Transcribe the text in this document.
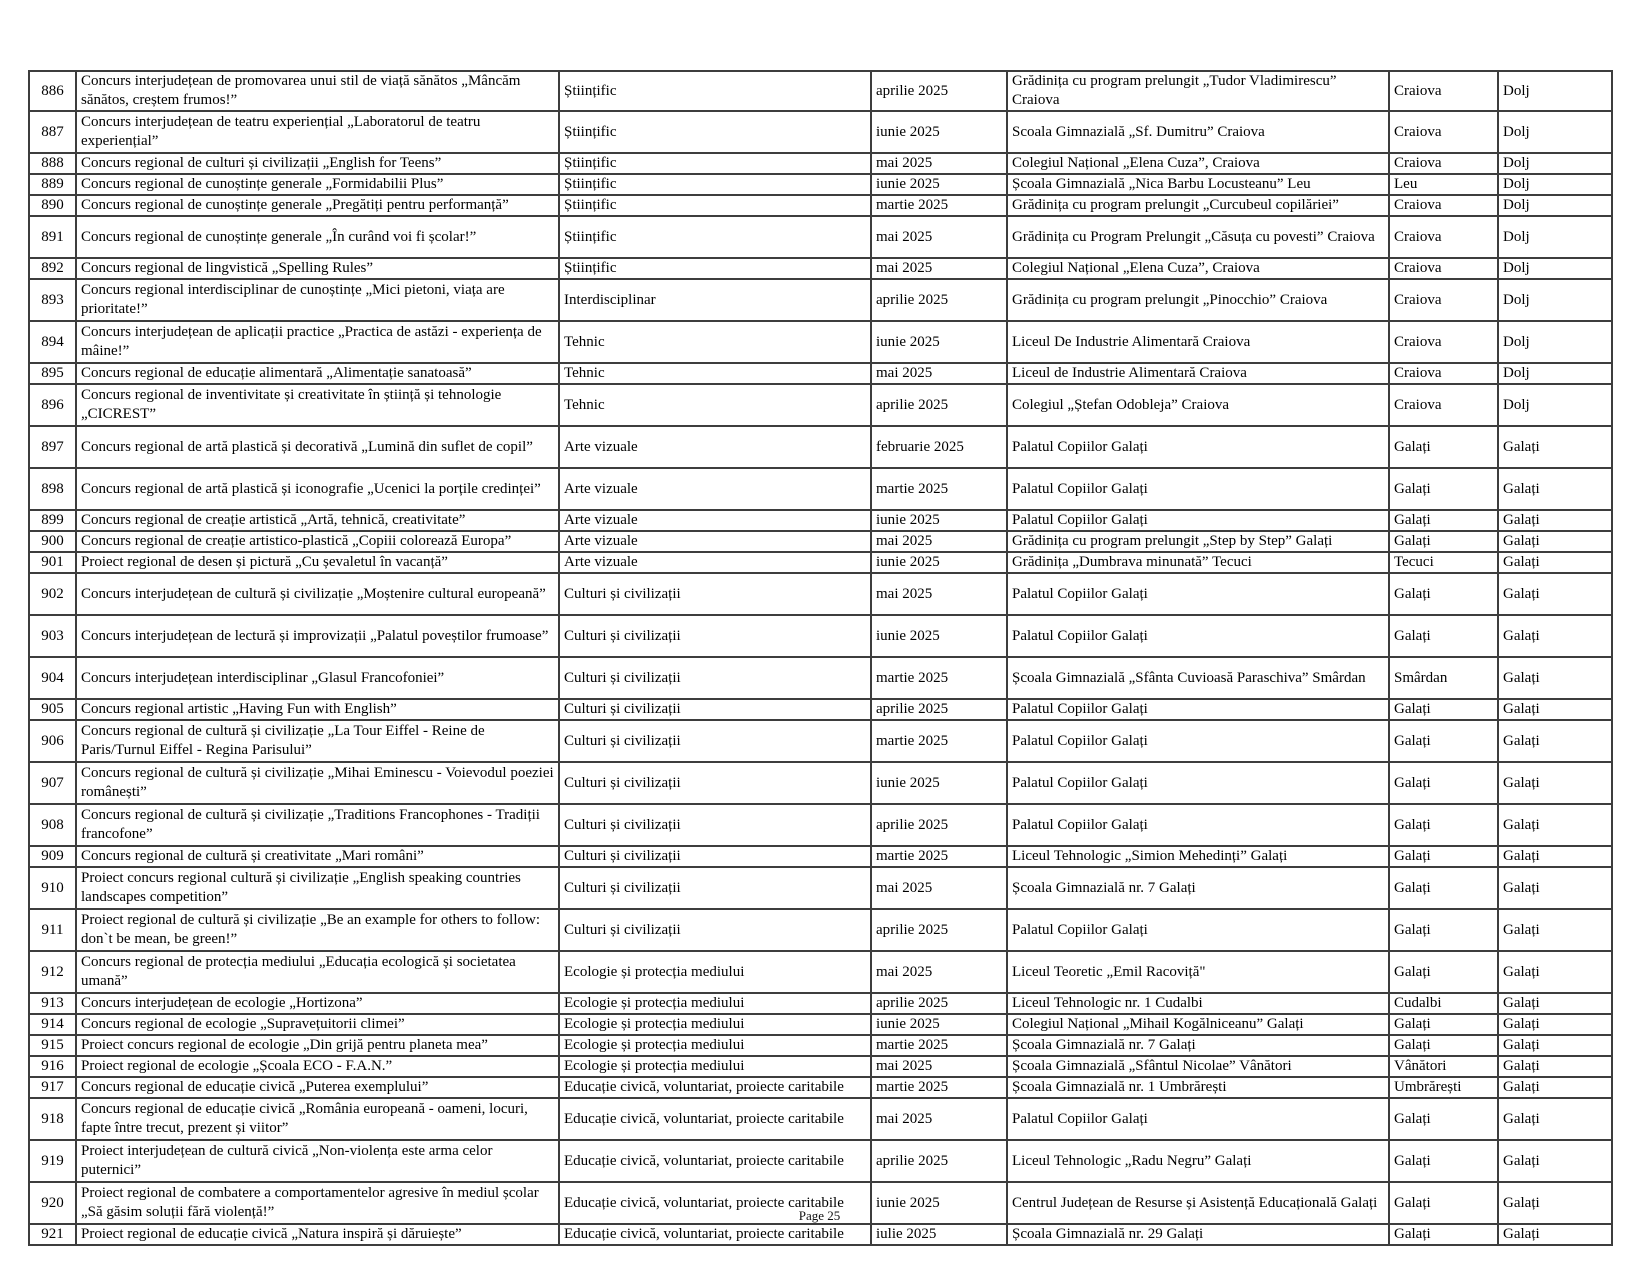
886	Concurs interjudețean de promovarea unui stil de viață sănătos „Mâncăm sănătos, creștem frumos!”	Științific	aprilie 2025	Grădinița cu program prelungit „Tudor Vladimirescu” Craiova	Craiova	Dolj
887	Concurs interjudețean de teatru experiențial „Laboratorul de teatru experiențial”	Științific	iunie 2025	Scoala Gimnazială „Sf. Dumitru” Craiova	Craiova	Dolj
888	Concurs regional de culturi și civilizații „English for Teens”	Științific	mai 2025	Colegiul Național „Elena Cuza”, Craiova	Craiova	Dolj
889	Concurs regional de cunoștințe generale „Formidabilii Plus”	Științific	iunie 2025	Școala Gimnazială „Nica Barbu Locusteanu” Leu	Leu	Dolj
890	Concurs regional de cunoștințe generale „Pregătiți pentru performanță”	Științific	martie 2025	Grădinița cu program prelungit „Curcubeul copilăriei”	Craiova	Dolj
891	Concurs regional de cunoștințe generale „În curând voi fi școlar!”	Științific	mai 2025	Grădinița cu Program Prelungit „Căsuța cu povesti” Craiova	Craiova	Dolj
892	Concurs regional de lingvistică „Spelling Rules”	Științific	mai 2025	Colegiul Național „Elena Cuza”, Craiova	Craiova	Dolj
893	Concurs regional interdisciplinar de cunoștințe „Mici pietoni, viața are prioritate!”	Interdisciplinar	aprilie 2025	Grădinița cu program prelungit „Pinocchio” Craiova	Craiova	Dolj
894	Concurs interjudețean de aplicații practice „Practica de astăzi - experiența de mâine!”	Tehnic	iunie 2025	Liceul De Industrie Alimentară Craiova	Craiova	Dolj
895	Concurs regional de educație alimentară „Alimentație sanatoasă”	Tehnic	mai 2025	Liceul de Industrie Alimentară Craiova	Craiova	Dolj
896	Concurs regional de inventivitate și creativitate în știință și tehnologie „CICREST”	Tehnic	aprilie 2025	Colegiul „Ștefan Odobleja” Craiova	Craiova	Dolj
897	Concurs regional de artă plastică și decorativă „Lumină din suflet de copil”	Arte vizuale	februarie 2025	Palatul Copiilor Galați	Galați	Galați
898	Concurs regional de artă plastică și iconografie „Ucenici la porțile credinței”	Arte vizuale	martie 2025	Palatul Copiilor Galați	Galați	Galați
899	Concurs regional de creație artistică „Artă, tehnică, creativitate”	Arte vizuale	iunie 2025	Palatul Copiilor Galați	Galați	Galați
900	Concurs regional de creație artistico-plastică „Copiii colorează Europa”	Arte vizuale	mai 2025	Grădinița cu program prelungit „Step by Step” Galați	Galați	Galați
901	Proiect regional de desen și pictură „Cu șevaletul în vacanță”	Arte vizuale	iunie 2025	Grădinița „Dumbrava minunată” Tecuci	Tecuci	Galați
902	Concurs interjudețean de cultură și civilizație „Moștenire cultural europeană”	Culturi și civilizații	mai 2025	Palatul Copiilor Galați	Galați	Galați
903	Concurs interjudețean de lectură și improvizații „Palatul poveștilor frumoase”	Culturi și civilizații	iunie 2025	Palatul Copiilor Galați	Galați	Galați
904	Concurs interjudețean interdisciplinar „Glasul Francofoniei”	Culturi și civilizații	martie 2025	Școala Gimnazială „Sfânta Cuvioasă Paraschiva” Smârdan	Smârdan	Galați
905	Concurs regional artistic „Having Fun with English”	Culturi și civilizații	aprilie 2025	Palatul Copiilor Galați	Galați	Galați
906	Concurs regional de cultură și civilizație „La Tour Eiffel - Reine de Paris/Turnul Eiffel - Regina Parisului”	Culturi și civilizații	martie 2025	Palatul Copiilor Galați	Galați	Galați
907	Concurs regional de cultură și civilizație „Mihai Eminescu - Voievodul poeziei românești”	Culturi și civilizații	iunie 2025	Palatul Copiilor Galați	Galați	Galați
908	Concurs regional de cultură și civilizație „Traditions Francophones - Tradiții francofone”	Culturi și civilizații	aprilie 2025	Palatul Copiilor Galați	Galați	Galați
909	Concurs regional de cultură și creativitate „Mari români”	Culturi și civilizații	martie 2025	Liceul Tehnologic „Simion Mehedinți” Galați	Galați	Galați
910	Proiect concurs regional cultură și civilizație „English speaking countries landscapes competition”	Culturi și civilizații	mai 2025	Școala Gimnazială nr. 7 Galați	Galați	Galați
911	Proiect regional de cultură și civilizație „Be an example for others to follow: don`t be mean, be green!”	Culturi și civilizații	aprilie 2025	Palatul Copiilor Galați	Galați	Galați
912	Concurs regional de protecția mediului „Educația ecologică și societatea umană”	Ecologie și protecția mediului	mai 2025	Liceul Teoretic „Emil Racoviță"	Galați	Galați
913	Concurs interjudețean de ecologie „Hortizona”	Ecologie și protecția mediului	aprilie 2025	Liceul Tehnologic nr. 1 Cudalbi	Cudalbi	Galați
914	Concurs regional de ecologie „Supravețuitorii climei”	Ecologie și protecția mediului	iunie 2025	Colegiul Național „Mihail Kogălniceanu” Galați	Galați	Galați
915	Proiect concurs regional de ecologie „Din grijă pentru planeta mea”	Ecologie și protecția mediului	martie 2025	Școala Gimnazială nr. 7 Galați	Galați	Galați
916	Proiect regional de ecologie „Școala ECO - F.A.N.”	Ecologie și protecția mediului	mai 2025	Școala Gimnazială „Sfântul Nicolae” Vânători	Vânători	Galați
917	Concurs regional de educație civică „Puterea exemplului”	Educație civică, voluntariat, proiecte caritabile	martie 2025	Școala Gimnazială nr. 1 Umbrărești	Umbrărești	Galați
918	Concurs regional de educație civică „România europeană - oameni, locuri, fapte între trecut, prezent și viitor”	Educație civică, voluntariat, proiecte caritabile	mai 2025	Palatul Copiilor Galați	Galați	Galați
919	Proiect interjudețean de cultură civică „Non-violența este arma celor puternici”	Educație civică, voluntariat, proiecte caritabile	aprilie 2025	Liceul Tehnologic „Radu Negru” Galați	Galați	Galați
920	Proiect regional de combatere a comportamentelor agresive în mediul școlar „Să găsim soluții fără violență!”	Educație civică, voluntariat, proiecte caritabile	iunie 2025	Centrul Județean de Resurse și Asistență Educațională Galați	Galați	Galați
921	Proiect regional de educație civică „Natura inspiră și dăruiește”	Educație civică, voluntariat, proiecte caritabile	iulie 2025	Școala Gimnazială nr. 29 Galați	Galați	Galați
Page 25
